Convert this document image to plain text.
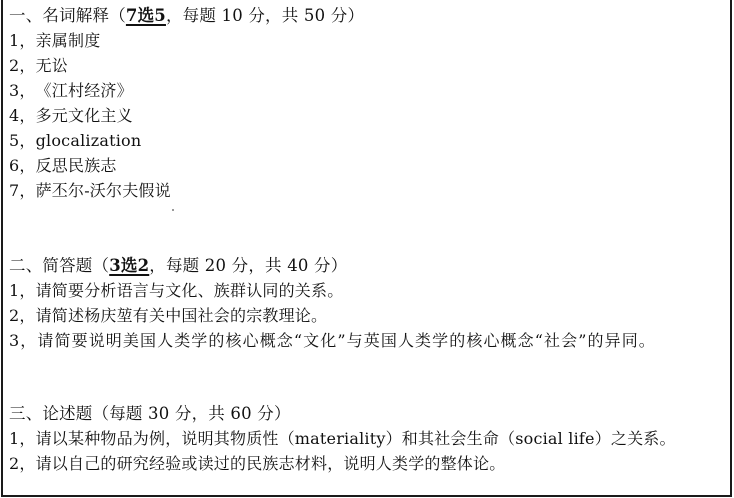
一、名词解释（7选5，每题 10 分，共 50 分）
1，亲属制度
2，无讼
3，《江村经济》
4，多元文化主义
5，glocalization
6，反思民族志
7，萨丕尔-沃尔夫假说
二、简答题（3选2，每题 20 分，共 40 分）
1，请简要分析语言与文化、族群认同的关系。
2，请简述杨庆堃有关中国社会的宗教理论。
3，请简要说明美国人类学的核心概念“文化”与英国人类学的核心概念“社会”的异同。
三、论述题（每题 30 分，共 60 分）
1，请以某种物品为例，说明其物质性（materiality）和其社会生命（social life）之关系。
2，请以自己的研究经验或读过的民族志材料，说明人类学的整体论。
